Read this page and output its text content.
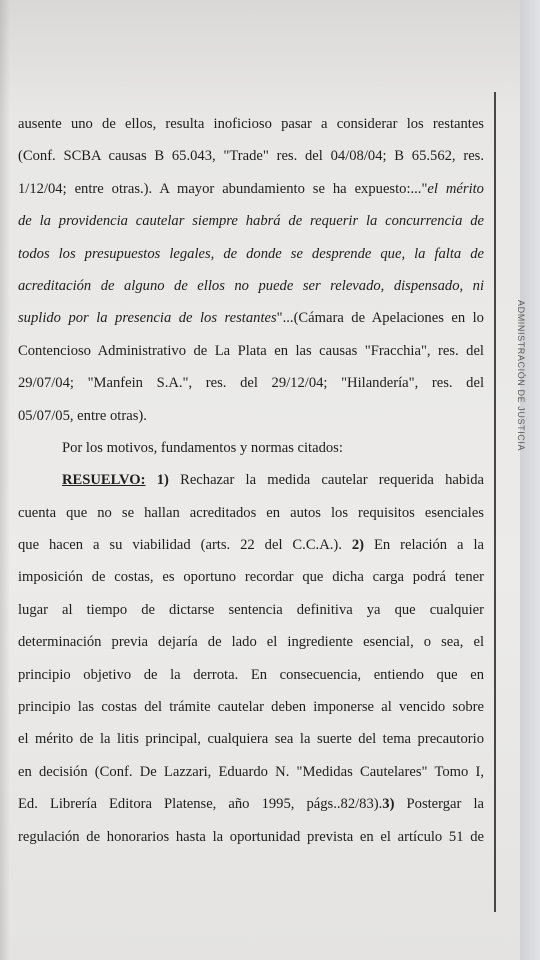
ADMINISTRACIÓN DE JUSTICIA
ausente uno de ellos, resulta inoficioso pasar a considerar los restantes
(Conf. SCBA causas B 65.043, "Trade" res. del 04/08/04; B 65.562, res.
1/12/04; entre otras.). A mayor abundamiento se ha expuesto:..."el mérito
de la providencia cautelar siempre habrá de requerir la concurrencia de
todos los presupuestos legales, de donde se desprende que, la falta de
acreditación de alguno de ellos no puede ser relevado, dispensado, ni
suplido por la presencia de los restantes"...(Cámara de Apelaciones en lo
Contencioso Administrativo de La Plata en las causas "Fracchia", res. del
29/07/04; "Manfein S.A.", res. del 29/12/04; "Hilandería", res. del
05/07/05, entre otras).
Por los motivos, fundamentos y normas citados:
RESUELVO: 1) Rechazar la medida cautelar requerida habida
cuenta que no se hallan acreditados en autos los requisitos esenciales
que hacen a su viabilidad (arts. 22 del C.C.A.). 2) En relación a la
imposición de costas, es oportuno recordar que dicha carga podrá tener
lugar al tiempo de dictarse sentencia definitiva ya que cualquier
determinación previa dejaría de lado el ingrediente esencial, o sea, el
principio objetivo de la derrota. En consecuencia, entiendo que en
principio las costas del trámite cautelar deben imponerse al vencido sobre
el mérito de la litis principal, cualquiera sea la suerte del tema precautorio
en decisión (Conf. De Lazzari, Eduardo N. "Medidas Cautelares" Tomo I,
Ed. Librería Editora Platense, año 1995, págs..82/83).3) Postergar la
regulación de honorarios hasta la oportunidad prevista en el artículo 51 de
